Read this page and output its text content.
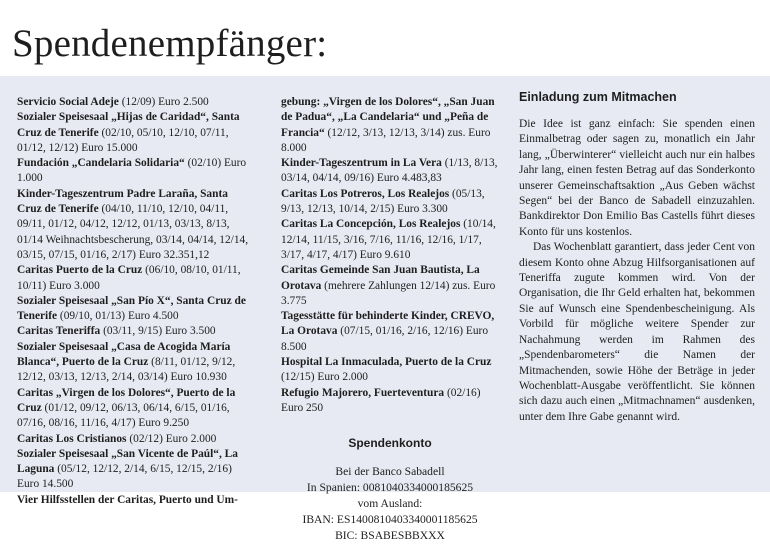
Spendenempfänger:

Servicio Social Adeje (12/09) Euro 2.500

Sozialer Speisesaal „Hijas de Caridad“, Santa Cruz de Tenerife (02/10, 05/10, 12/10, 07/11, 01/12, 12/12) Euro 15.000

Fundación „Candelaria Solidaria“ (02/10) Euro 1.000

Kinder-Tageszentrum Padre Laraña, Santa Cruz de Tenerife (04/10, 11/10, 12/10, 04/11, 09/11, 01/12, 04/12, 12/12, 01/13, 03/13, 8/13, 01/14 Weihnachtsbescherung, 03/14, 04/14, 12/14, 03/15, 07/15, 01/16, 2/17) Euro 32.351,12

Caritas Puerto de la Cruz (06/10, 08/10, 01/11, 10/11) Euro 3.000

Sozialer Speisesaal „San Pío X“, Santa Cruz de Tenerife (09/10, 01/13) Euro 4.500

Caritas Teneriffa (03/11, 9/15) Euro 3.500

Sozialer Speisesaal „Casa de Acogida María Blanca“, Puerto de la Cruz (8/11, 01/12, 9/12, 12/12, 03/13, 12/13, 2/14, 03/14) Euro 10.930

Caritas „Virgen de los Dolores“, Puerto de la Cruz (01/12, 09/12, 06/13, 06/14, 6/15, 01/16, 07/16, 08/16, 11/16, 4/17) Euro 9.250

Caritas Los Cristianos (02/12) Euro 2.000

Sozialer Speisesaal „San Vicente de Paúl“, La Laguna (05/12, 12/12, 2/14, 6/15, 12/15, 2/16) Euro 14.500

Vier Hilfsstellen der Caritas, Puerto und Um-

gebung: „Virgen de los Dolores“, „San Juan de Padua“, „La Candelaria“ und „Peña de Francia“ (12/12, 3/13, 12/13, 3/14) zus. Euro 8.000

Kinder-Tageszentrum in La Vera (1/13, 8/13, 03/14, 04/14, 09/16) Euro 4.483,83

Caritas Los Potreros, Los Realejos (05/13, 9/13, 12/13, 10/14, 2/15) Euro 3.300

Caritas La Concepción, Los Realejos (10/14, 12/14, 11/15, 3/16, 7/16, 11/16, 12/16, 1/17, 3/17, 4/17, 4/17) Euro 9.610

Caritas Gemeinde San Juan Bautista, La Orotava (mehrere Zahlungen 12/14) zus. Euro 3.775

Tagesstätte für behinderte Kinder, CREVO, La Orotava (07/15, 01/16, 2/16, 12/16) Euro 8.500

Hospital La Inmaculada, Puerto de la Cruz (12/15) Euro 2.000

Refugio Majorero, Fuerteventura (02/16) Euro 250

Spendenkonto
Bei der Banco Sabadell
In Spanien: 0081040334000185625
vom Ausland:
IBAN: ES1400810403340001185625
BIC: BSABESBBXXX
Einladung zum Mitmachen

Die Idee ist ganz einfach: Sie spenden einen Einmalbetrag oder sagen zu, monatlich ein Jahr lang, „Überwinterer“ vielleicht auch nur ein halbes Jahr lang, einen festen Betrag auf das Sonderkonto unserer Gemeinschaftsaktion „Aus Geben wächst Segen“ bei der Banco de Sabadell einzuzahlen. Bankdirektor Don Emilio Bas Castells führt dieses Konto für uns kostenlos.

Das Wochenblatt garantiert, dass jeder Cent von diesem Konto ohne Abzug Hilfsorganisationen auf Teneriffa zugute kommen wird. Von der Organisation, die Ihr Geld erhalten hat, bekommen Sie auf Wunsch eine Spendenbescheinigung. Als Vorbild für mögliche weitere Spender zur Nachahmung werden im Rahmen des „Spendenbarometers“ die Namen der Mitmachenden, sowie Höhe der Beträge in jeder Wochenblatt-Ausgabe veröffentlicht. Sie können sich dazu auch einen „Mitmachnamen“ ausdenken, unter dem Ihre Gabe genannt wird.
